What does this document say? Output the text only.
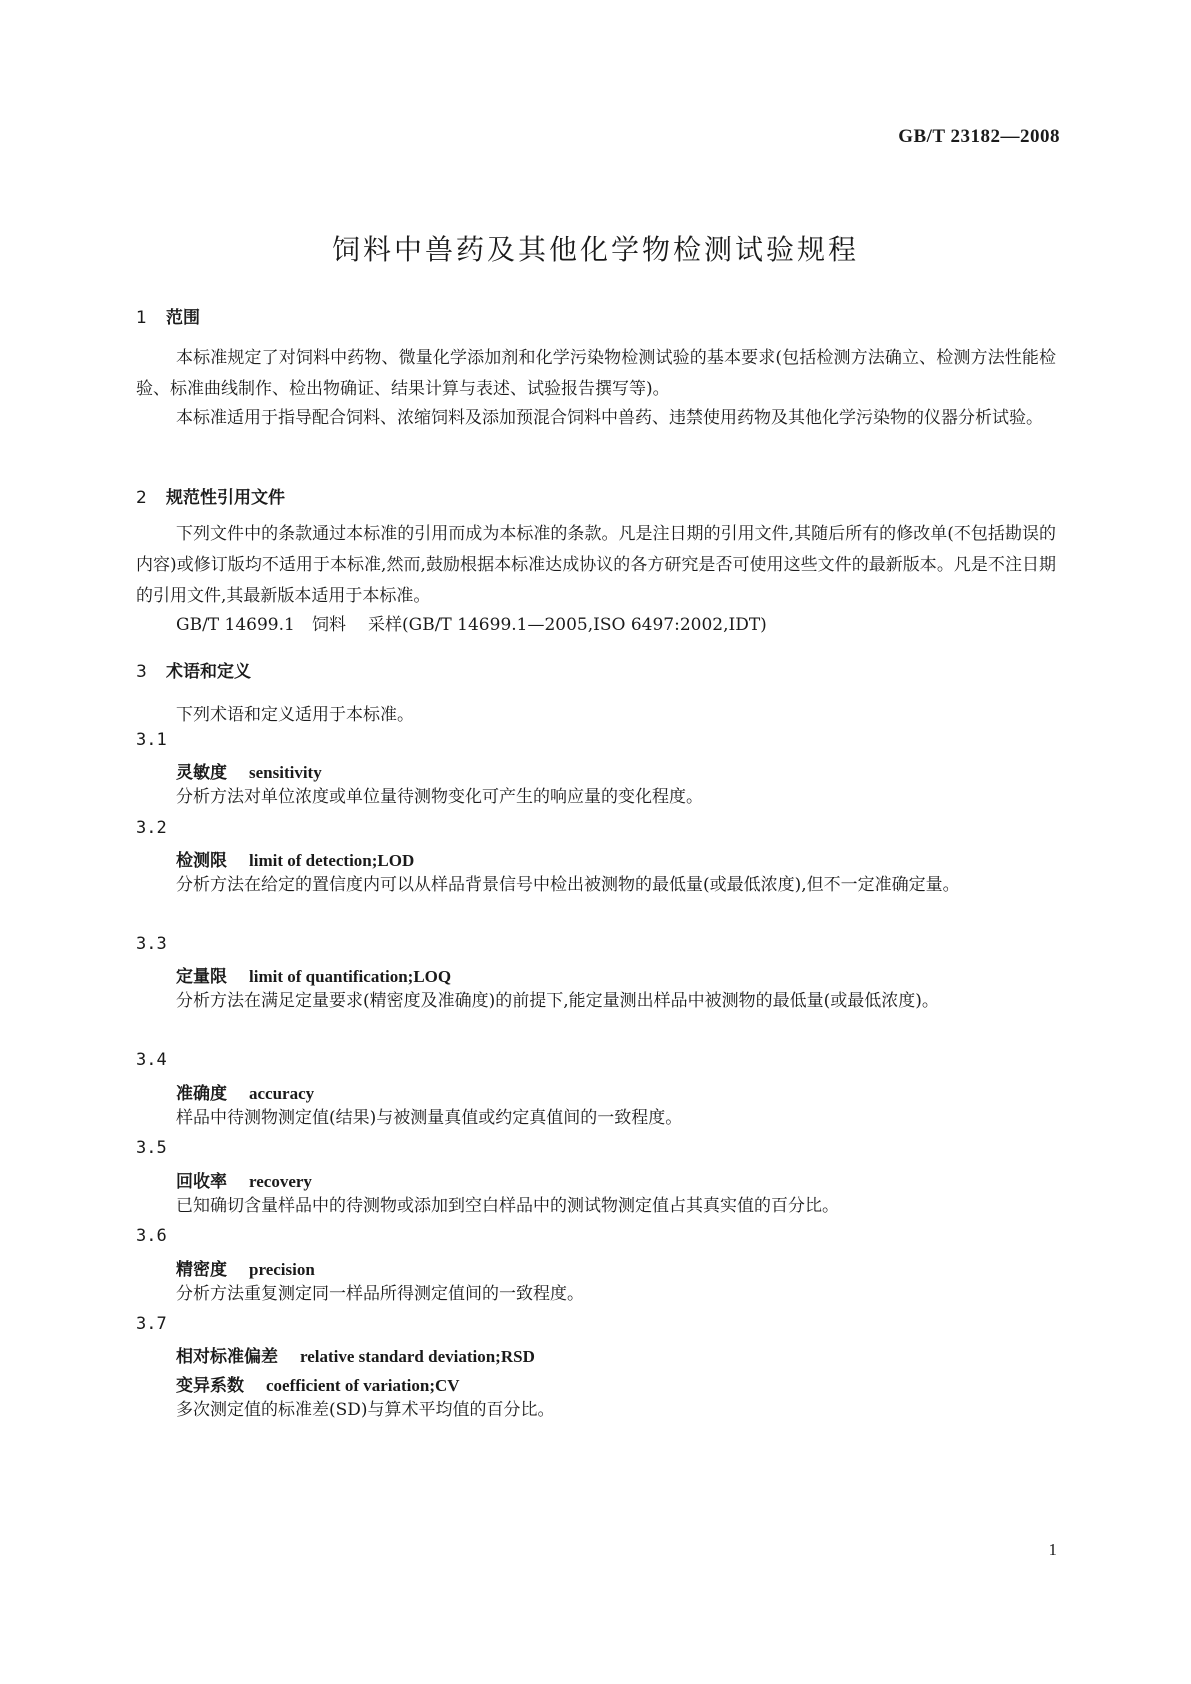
GB/T 23182—2008
饲料中兽药及其他化学物检测试验规程
1 范围

本标准规定了对饲料中药物、微量化学添加剂和化学污染物检测试验的基本要求(包括检测方法确立、检测方法性能检验、标准曲线制作、检出物确证、结果计算与表述、试验报告撰写等)。

本标准适用于指导配合饲料、浓缩饲料及添加预混合饲料中兽药、违禁使用药物及其他化学污染物的仪器分析试验。

2 规范性引用文件

下列文件中的条款通过本标准的引用而成为本标准的条款。凡是注日期的引用文件,其随后所有的修改单(不包括勘误的内容)或修订版均不适用于本标准,然而,鼓励根据本标准达成协议的各方研究是否可使用这些文件的最新版本。凡是不注日期的引用文件,其最新版本适用于本标准。

GB/T 14699.1 饲料 采样(GB/T 14699.1—2005,ISO 6497:2002,IDT)
3 术语和定义
下列术语和定义适用于本标准。
3.1
灵敏度 sensitivity

分析方法对单位浓度或单位量待测物变化可产生的响应量的变化程度。

3.2
检测限 limit of detection;LOD

分析方法在给定的置信度内可以从样品背景信号中检出被测物的最低量(或最低浓度),但不一定准确定量。

3.3
定量限 limit of quantification;LOQ

分析方法在满足定量要求(精密度及准确度)的前提下,能定量测出样品中被测物的最低量(或最低浓度)。

3.4
准确度 accuracy

样品中待测物测定值(结果)与被测量真值或约定真值间的一致程度。

3.5
回收率 recovery

已知确切含量样品中的待测物或添加到空白样品中的测试物测定值占其真实值的百分比。

3.6
精密度 precision

分析方法重复测定同一样品所得测定值间的一致程度。

3.7
相对标准偏差 relative standard deviation;RSD
变异系数 coefficient of variation;CV

多次测定值的标准差(SD)与算术平均值的百分比。

1
